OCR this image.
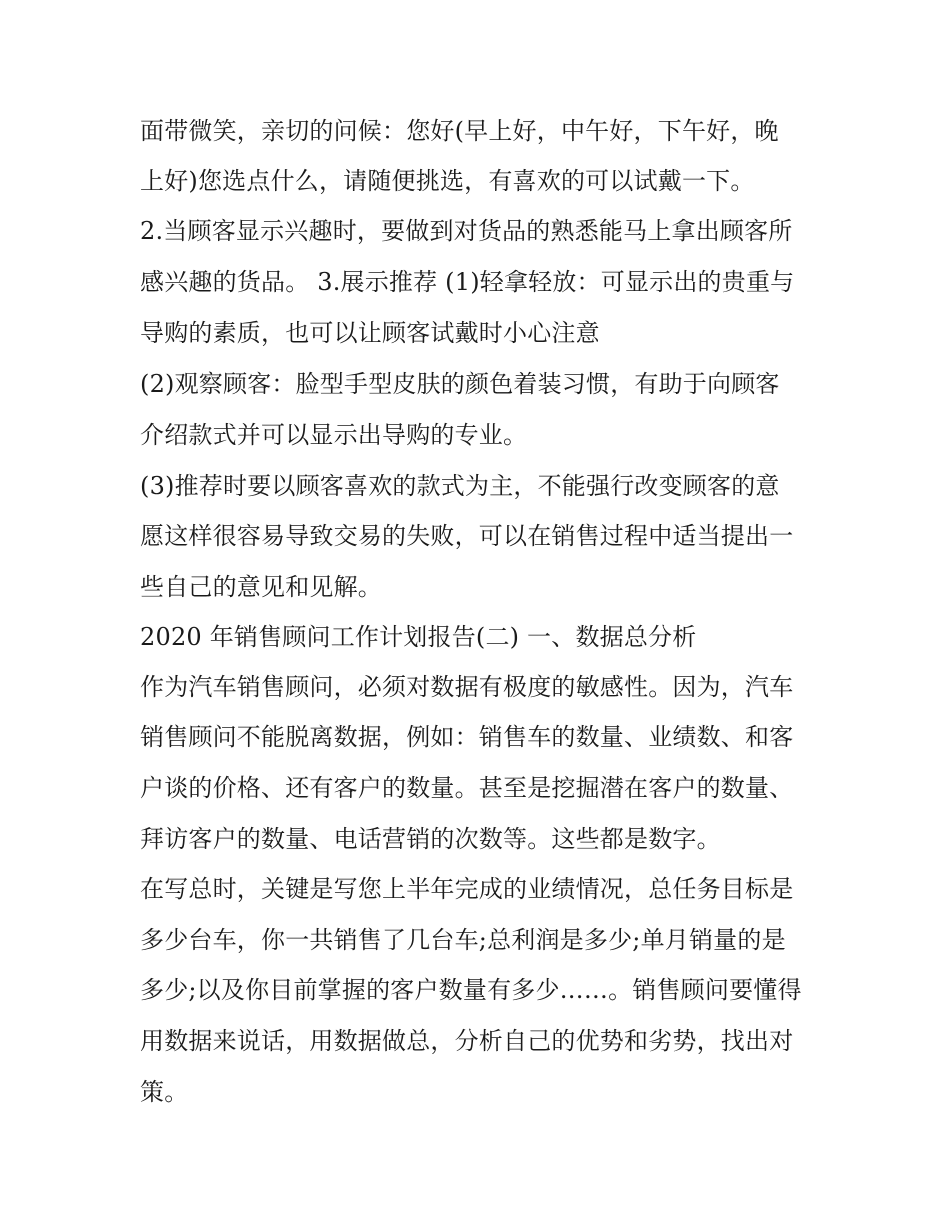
面带微笑，亲切的问候：您好(早上好，中午好，下午好，晚
上好)您选点什么，请随便挑选，有喜欢的可以试戴一下。
2.当顾客显示兴趣时，要做到对货品的熟悉能马上拿出顾客所
感兴趣的货品。 3.展示推荐 (1)轻拿轻放：可显示出的贵重与
导购的素质，也可以让顾客试戴时小心注意
(2)观察顾客：脸型手型皮肤的颜色着装习惯，有助于向顾客
介绍款式并可以显示出导购的专业。
(3)推荐时要以顾客喜欢的款式为主，不能强行改变顾客的意
愿这样很容易导致交易的失败，可以在销售过程中适当提出一
些自己的意见和见解。
2020 年销售顾问工作计划报告(二) 一、数据总分析
作为汽车销售顾问，必须对数据有极度的敏感性。因为，汽车
销售顾问不能脱离数据，例如：销售车的数量、业绩数、和客
户谈的价格、还有客户的数量。甚至是挖掘潜在客户的数量、
拜访客户的数量、电话营销的次数等。这些都是数字。
在写总时，关键是写您上半年完成的业绩情况，总任务目标是
多少台车，你一共销售了几台车;总利润是多少;单月销量的是
多少;以及你目前掌握的客户数量有多少……。销售顾问要懂得
用数据来说话，用数据做总，分析自己的优势和劣势，找出对
策。
